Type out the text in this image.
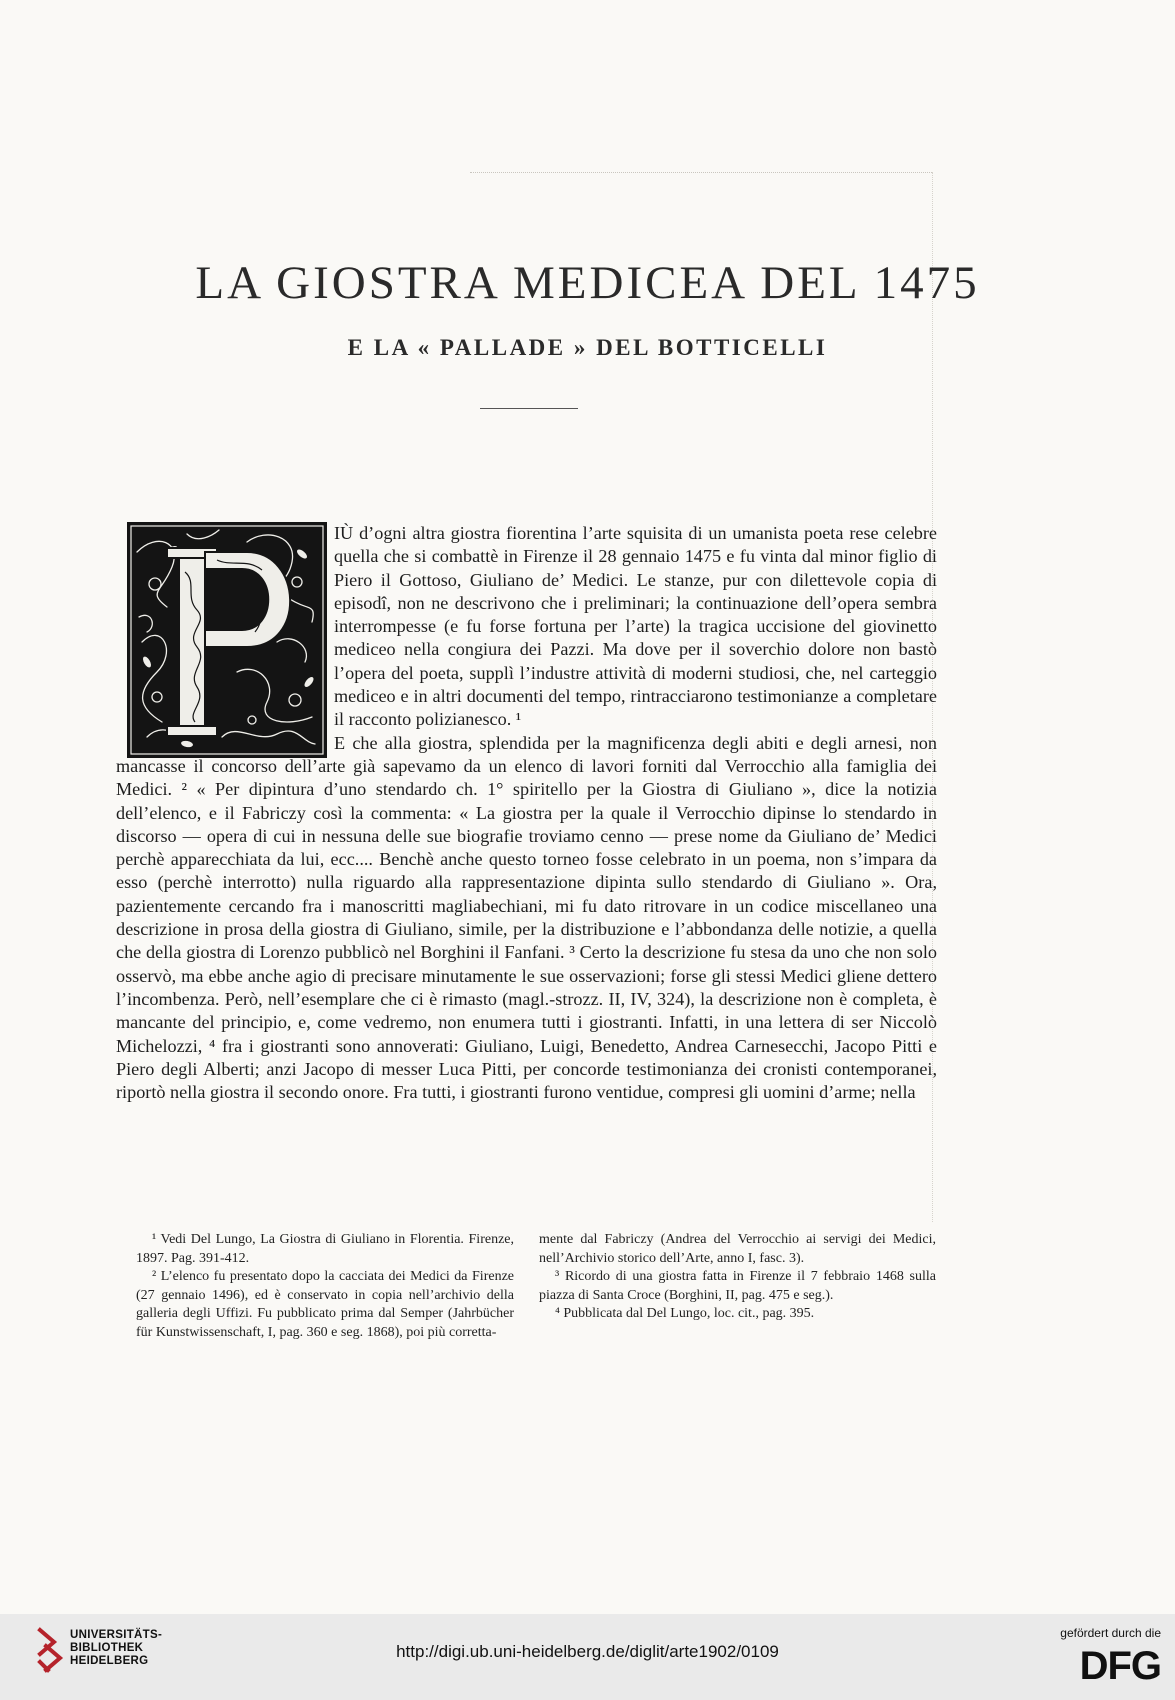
LA GIOSTRA MEDICEA DEL 1475
E LA « PALLADE » DEL BOTTICELLI

IÙ d’ogni altra giostra fiorentina l’arte squisita di un umanista poeta rese celebre quella che si combattè in Firenze il 28 gennaio 1475 e fu vinta dal minor figlio di Piero il Gottoso, Giuliano de’ Medici. Le stanze, pur con dilettevole copia di episodî, non ne descrivono che i preliminari; la continuazione dell’opera sembra interrompesse (e fu forse fortuna per l’arte) la tragica uccisione del giovinetto mediceo nella congiura dei Pazzi. Ma dove per il soverchio dolore non bastò l’opera del poeta, supplì l’industre attività di moderni studiosi, che, nel carteggio mediceo e in altri documenti del tempo, rintracciarono testimonianze a completare il racconto polizianesco. ¹

E che alla giostra, splendida per la magnificenza degli abiti e degli arnesi, non mancasse il concorso dell’arte già sapevamo da un elenco di lavori forniti dal Verrocchio alla famiglia dei Medici. ² « Per dipintura d’uno stendardo ch. 1° spiritello per la Giostra di Giuliano », dice la notizia dell’elenco, e il Fabriczy così la commenta: « La giostra per la quale il Verrocchio dipinse lo stendardo in discorso — opera di cui in nessuna delle sue biografie troviamo cenno — prese nome da Giuliano de’ Medici perchè apparecchiata da lui, ecc.... Benchè anche questo torneo fosse celebrato in un poema, non s’impara da esso (perchè interrotto) nulla riguardo alla rappresentazione dipinta sullo stendardo di Giuliano ». Ora, pazientemente cercando fra i manoscritti magliabechiani, mi fu dato ritrovare in un codice miscellaneo una descrizione in prosa della giostra di Giuliano, simile, per la distribuzione e l’abbondanza delle notizie, a quella che della giostra di Lorenzo pubblicò nel Borghini il Fanfani. ³ Certo la descrizione fu stesa da uno che non solo osservò, ma ebbe anche agio di precisare minutamente le sue osservazioni; forse gli stessi Medici gliene dettero l’incombenza. Però, nell’esemplare che ci è rimasto (magl.-strozz. II, IV, 324), la descrizione non è completa, è mancante del principio, e, come vedremo, non enumera tutti i giostranti. Infatti, in una lettera di ser Niccolò Michelozzi, ⁴ fra i giostranti sono annoverati: Giuliano, Luigi, Benedetto, Andrea Carnesecchi, Jacopo Pitti e Piero degli Alberti; anzi Jacopo di messer Luca Pitti, per concorde testimonianza dei cronisti contemporanei, riportò nella giostra il secondo onore. Fra tutti, i giostranti furono ventidue, compresi gli uomini d’arme; nella

¹ Vedi Del Lungo, La Giostra di Giuliano in Florentia. Firenze, 1897. Pag. 391-412.

² L’elenco fu presentato dopo la cacciata dei Medici da Firenze (27 gennaio 1496), ed è conservato in copia nell’archivio della galleria degli Uffizi. Fu pubblicato prima dal Semper (Jahrbücher für Kunstwissenschaft, I, pag. 360 e seg. 1868), poi più corretta-

mente dal Fabriczy (Andrea del Verrocchio ai servigi dei Medici, nell’Archivio storico dell’Arte, anno I, fasc. 3).

³ Ricordo di una giostra fatta in Firenze il 7 febbraio 1468 sulla piazza di Santa Croce (Borghini, II, pag. 475 e seg.).

⁴ Pubblicata dal Del Lungo, loc. cit., pag. 395.

UNIVERSITÄTS-
BIBLIOTHEK
HEIDELBERG	http://digi.ub.uni-heidelberg.de/diglit/arte1902/0109
gefördert durch die
DFG
